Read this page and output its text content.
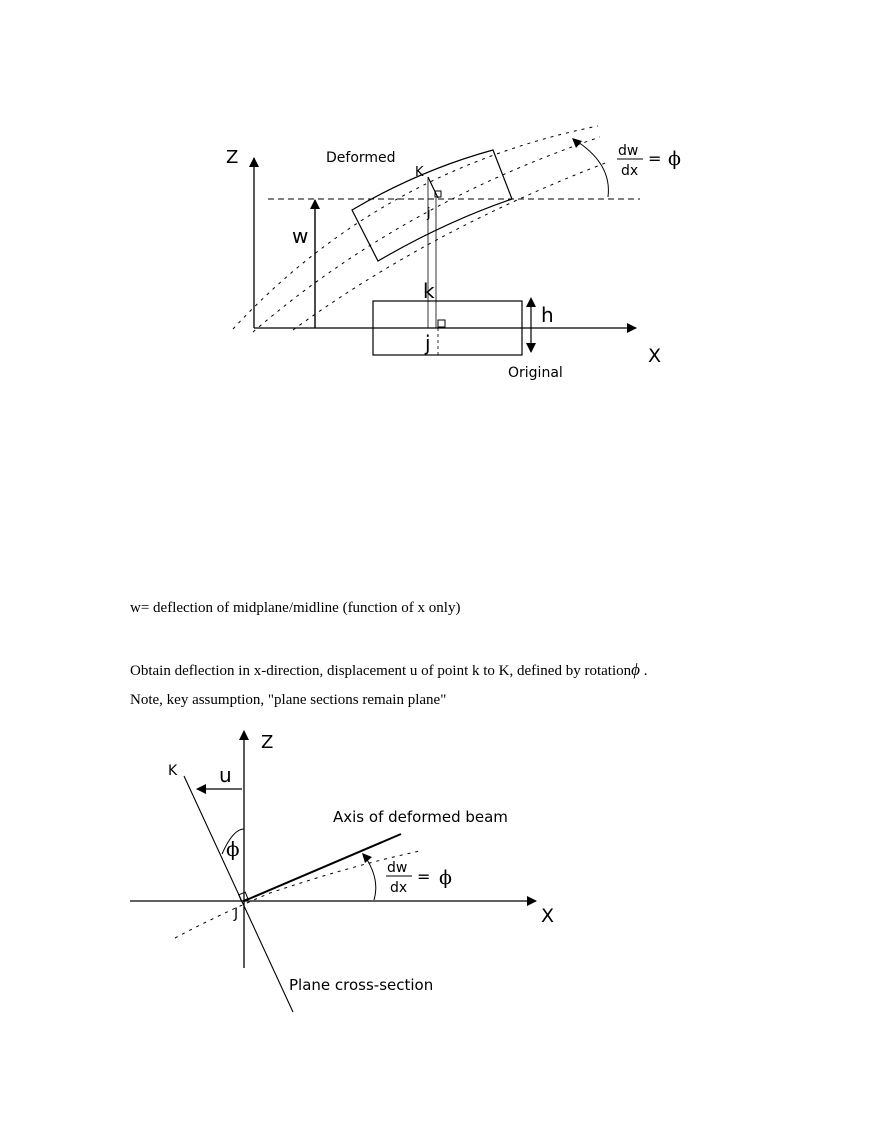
Z
X
Deformed
K
j
k
j
Original
h
w
dw
dx
= ϕ
Z
X
K
Plane cross-section
u
ϕ
Axis of deformed beam
J
dw
dx
= ϕ
w= deflection of midplane/midline (function of x only)
Obtain deflection in x-direction, displacement u of point k to K, defined by rotationϕ .
Note, key assumption, "plane sections remain plane"
